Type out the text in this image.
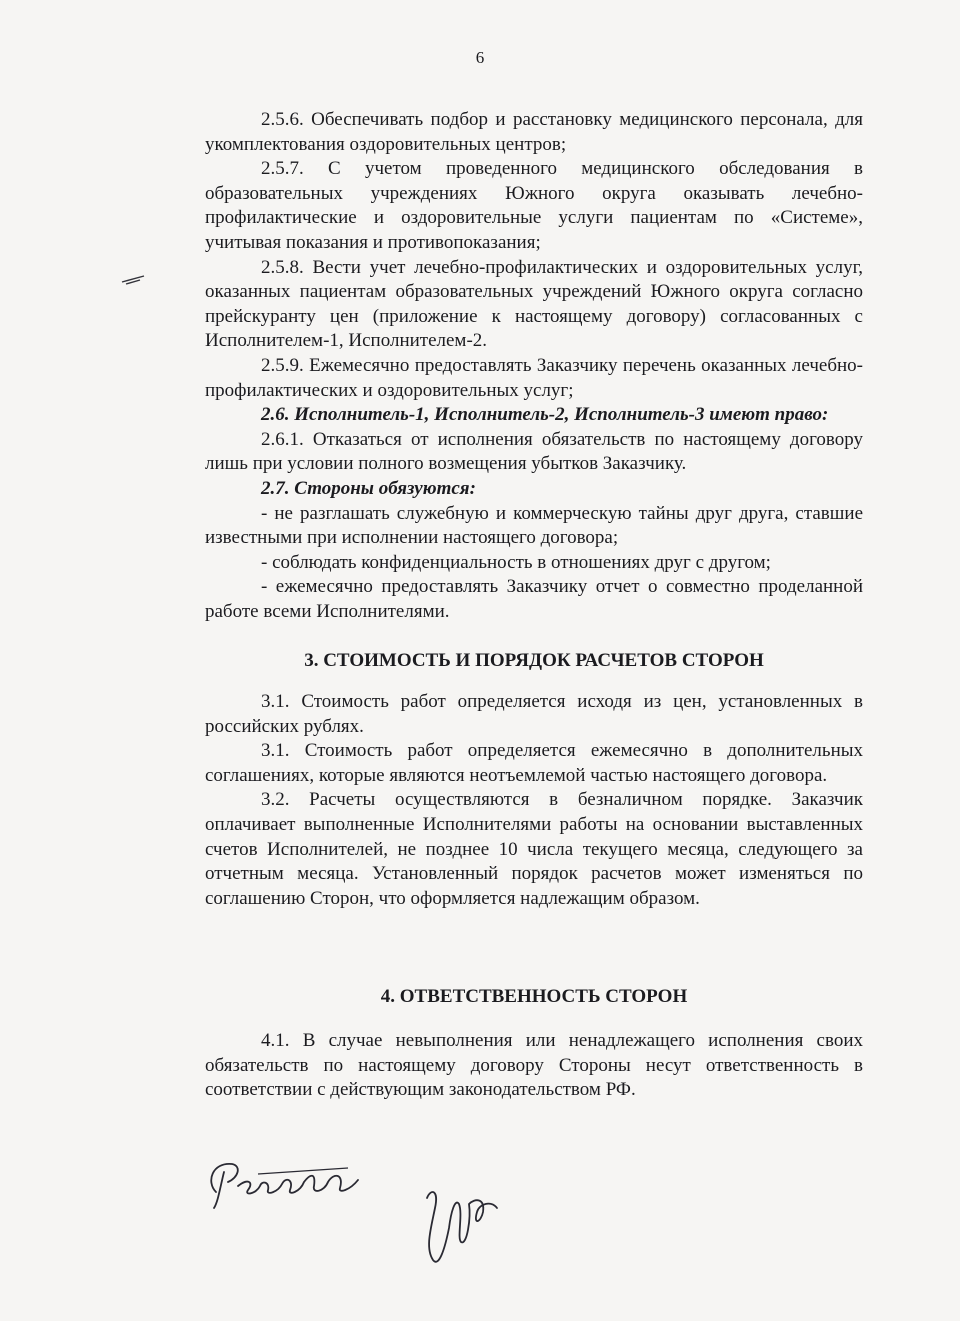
6

2.5.6. Обеспечивать подбор и расстановку медицинского персонала, для укомплектования оздоровительных центров;

2.5.7. С учетом проведенного медицинского обследования в образовательных учреждениях Южного округа оказывать лечебно-профилактические и оздоровительные услуги пациентам по «Системе», учитывая показания и противопоказания;

2.5.8. Вести учет лечебно-профилактических и оздоровительных услуг, оказанных пациентам образовательных учреждений Южного округа согласно прейскуранту цен (приложение к настоящему договору) согласованных с Исполнителем-1, Исполнителем-2.

2.5.9. Ежемесячно предоставлять Заказчику перечень оказанных лечебно-профилактических и оздоровительных услуг;

2.6. Исполнитель-1, Исполнитель-2, Исполнитель-3 имеют право:

2.6.1. Отказаться от исполнения обязательств по настоящему договору лишь при условии полного возмещения убытков Заказчику.

2.7. Стороны обязуются:

- не разглашать служебную и коммерческую тайны друг друга, ставшие известными при исполнении настоящего договора;

- соблюдать конфиденциальность в отношениях друг с другом;

- ежемесячно предоставлять Заказчику отчет о совместно проделанной работе всеми Исполнителями.

3. СТОИМОСТЬ И ПОРЯДОК РАСЧЕТОВ СТОРОН

3.1. Стоимость работ определяется исходя из цен, установленных в российских рублях.

3.1. Стоимость работ определяется ежемесячно в дополнительных соглашениях, которые являются неотъемлемой частью настоящего договора.

3.2. Расчеты осуществляются в безналичном порядке. Заказчик оплачивает выполненные Исполнителями работы на основании выставленных счетов Исполнителей, не позднее 10 числа текущего месяца, следующего за отчетным месяца. Установленный порядок расчетов может изменяться по соглашению Сторон, что оформляется надлежащим образом.

4. ОТВЕТСТВЕННОСТЬ СТОРОН

4.1. В случае невыполнения или ненадлежащего исполнения своих обязательств по настоящему договору Стороны несут ответственность в соответствии с действующим законодательством РФ.
